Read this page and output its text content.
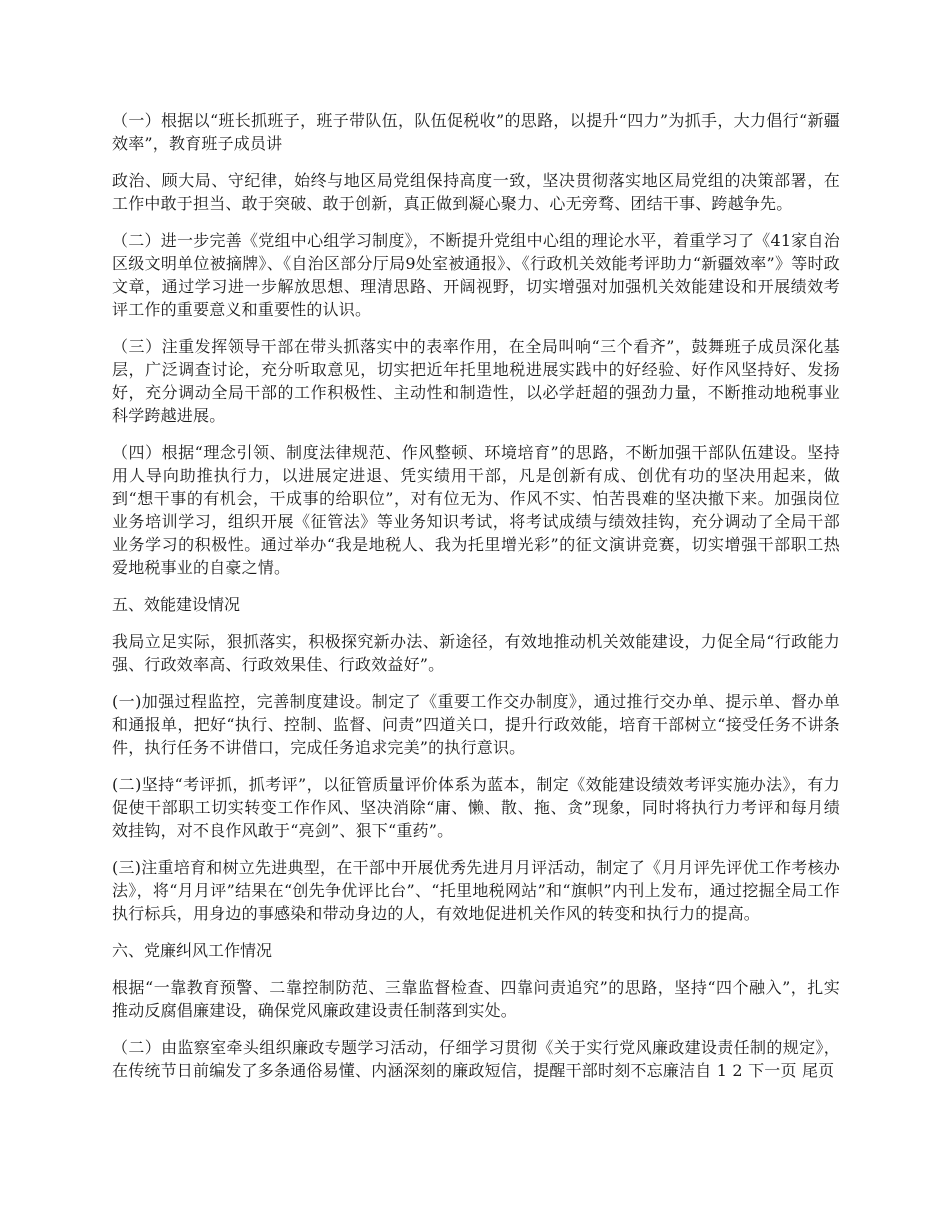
（一）根据以“班长抓班子，班子带队伍，队伍促税收”的思路，以提升“四力”为抓手，大力倡行“新疆效率”，教育班子成员讲

政治、顾大局、守纪律，始终与地区局党组保持高度一致，坚决贯彻落实地区局党组的决策部署，在工作中敢于担当、敢于突破、敢于创新，真正做到凝心聚力、心无旁骛、团结干事、跨越争先。

（二）进一步完善《党组中心组学习制度》，不断提升党组中心组的理论水平，着重学习了《41家自治区级文明单位被摘牌》、《自治区部分厅局9处室被通报》、《行政机关效能考评助力“新疆效率”》等时政文章，通过学习进一步解放思想、理清思路、开阔视野，切实增强对加强机关效能建设和开展绩效考评工作的重要意义和重要性的认识。

（三）注重发挥领导干部在带头抓落实中的表率作用，在全局叫响“三个看齐”，鼓舞班子成员深化基层，广泛调查讨论，充分听取意见，切实把近年托里地税进展实践中的好经验、好作风坚持好、发扬好，充分调动全局干部的工作积极性、主动性和制造性，以必学赶超的强劲力量，不断推动地税事业科学跨越进展。

（四）根据“理念引领、制度法律规范、作风整顿、环境培育”的思路，不断加强干部队伍建设。坚持用人导向助推执行力，以进展定进退、凭实绩用干部，凡是创新有成、创优有功的坚决用起来，做到“想干事的有机会，干成事的给职位”，对有位无为、作风不实、怕苦畏难的坚决撤下来。加强岗位业务培训学习，组织开展《征管法》等业务知识考试，将考试成绩与绩效挂钩，充分调动了全局干部业务学习的积极性。通过举办“我是地税人、我为托里增光彩”的征文演讲竞赛，切实增强干部职工热爱地税事业的自豪之情。

五、效能建设情况

我局立足实际，狠抓落实，积极探究新办法、新途径，有效地推动机关效能建设，力促全局“行政能力强、行政效率高、行政效果佳、行政效益好”。

(一)加强过程监控，完善制度建设。制定了《重要工作交办制度》，通过推行交办单、提示单、督办单和通报单，把好“执行、控制、监督、问责”四道关口，提升行政效能，培育干部树立“接受任务不讲条件，执行任务不讲借口，完成任务追求完美”的执行意识。

(二)坚持“考评抓，抓考评”，以征管质量评价体系为蓝本，制定《效能建设绩效考评实施办法》，有力促使干部职工切实转变工作作风、坚决消除“庸、懒、散、拖、贪”现象，同时将执行力考评和每月绩效挂钩，对不良作风敢于“亮剑”、狠下“重药”。

(三)注重培育和树立先进典型，在干部中开展优秀先进月月评活动，制定了《月月评先评优工作考核办法》，将“月月评”结果在“创先争优评比台”、“托里地税网站”和“旗帜”内刊上发布，通过挖掘全局工作执行标兵，用身边的事感染和带动身边的人，有效地促进机关作风的转变和执行力的提高。

六、党廉纠风工作情况

根据“一靠教育预警、二靠控制防范、三靠监督检查、四靠问责追究”的思路，坚持“四个融入”，扎实推动反腐倡廉建设，确保党风廉政建设责任制落到实处。

（二）由监察室牵头组织廉政专题学习活动，仔细学习贯彻《关于实行党风廉政建设责任制的规定》，在传统节日前编发了多条通俗易懂、内涵深刻的廉政短信，提醒干部时刻不忘廉洁自 1 2 下一页 尾页
